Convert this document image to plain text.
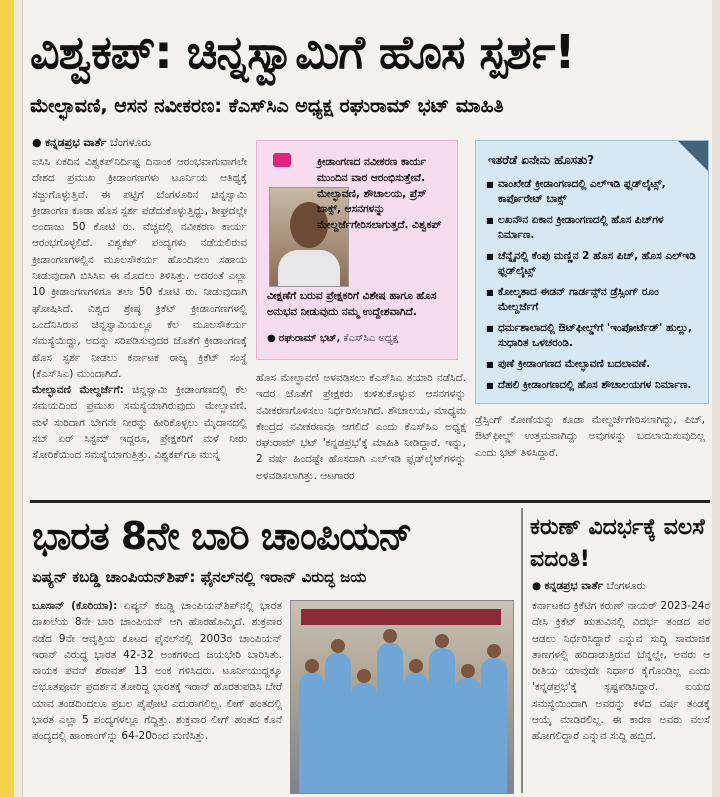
ವಿಶ್ವಕಪ್: ಚಿನ್ನಸ್ವಾಮಿಗೆ ಹೊಸ ಸ್ಪರ್ಶ!
ಮೇಲ್ಛಾವಣಿ, ಆಸನ ನವೀಕರಣ: ಕೆಎಸ್‌ಸಿಎ ಅಧ್ಯಕ್ಷ ರಘುರಾಮ್ ಭಟ್ ಮಾಹಿತಿ
● ಕನ್ನಡಪ್ರಭ ವಾರ್ತೆ ಬೆಂಗಳೂರು
ಐಸಿಸಿ ಏಕದಿನ ವಿಶ್ವಕಪ್‌ನಿರ್ದಿಷ್ಟ ದಿನಾಂಕ ಆರಂಭವಾಗುವಾಗಲೇ ದೇಶದ ಪ್ರಮುಖ ಕ್ರೀಡಾಂಗಣಗಳು ಟೂರ್ನಿಯ ಆತಿಥ್ಯಕ್ಕೆ ಸಜ್ಜುಗೊಳ್ಳುತ್ತಿವೆ. ಈ ಪಟ್ಟಿಗೆ ಬೆಂಗಳೂರಿನ ಚಿನ್ನಸ್ವಾಮಿ ಕ್ರೀಡಾಂಗಣ ಕೂಡಾ ಹೊಸ ಸ್ಪರ್ಶ ಪಡೆದುಕೊಳ್ಳುತ್ತಿದ್ದು, ಶೀಘ್ರದಲ್ಲೇ ಅಂದಾಜು 50 ಕೋಟಿ ರು. ವೆಚ್ಚದಲ್ಲಿ ನವೀಕರಣ ಕಾರ್ಯ ಆರಂಭಗೊಳ್ಳಲಿದೆ. ವಿಶ್ವಕಪ್ ಪಂದ್ಯಗಳು ನಡೆಯಲಿರುವ ಕ್ರೀಡಾಂಗಣಗಳಲ್ಲಿನ ಮೂಲಸೌಕರ್ಯ ಹೊಂದಿಸಲು ಸಹಾಯ ನೀಡುವುದಾಗಿ ಬಿಸಿಸಿಐ ಈ ಮೊದಲು ತಿಳಿಸಿತ್ತು. ಅದರಂತೆ ಎಲ್ಲಾ 10 ಕ್ರೀಡಾಂಗಣಗಳಿಗೂ ತಲಾ 50 ಕೋಟಿ ರು. ನೀಡುವುದಾಗಿ ಘೋಷಿಸಿದೆ. ವಿಶ್ವದ ಶ್ರೇಷ್ಠ ಕ್ರಿಕೆಟ್ ಕ್ರೀಡಾಂಗಣಗಳಲ್ಲಿ ಒಂದೆನಿಸಿರುವ ಚಿನ್ನಸ್ವಾಮಿಯಲ್ಲೂ ಕೆಲ ಮೂಲಸೌಕರ್ಯ ಸಮಸ್ಯೆಯಿದ್ದು, ಅದನ್ನು ಸರಿಪಡಿಸುವುದರ ಜೊತೆಗೆ ಕ್ರೀಡಾಂಗಣಕ್ಕೆ ಹೊಸ ಸ್ಪರ್ಶ ನೀಡಲು ಕರ್ನಾಟಕ ರಾಜ್ಯ ಕ್ರಿಕೆಟ್ ಸಂಸ್ಥೆ (ಕೆಎಸ್‌ಸಿಎ) ಮುಂದಾಗಿದೆ.
ಮೇಲ್ಛಾವಣಿ ಮೇಲ್ದರ್ಜೆಗೆ: ಚಿನ್ನಸ್ವಾಮಿ ಕ್ರೀಡಾಂಗಣದಲ್ಲಿ ಕೆಲ ಸಮಯದಿಂದ ಪ್ರಮುಖ ಸಮಸ್ಯೆಯಾಗಿರುವುದು ಮೇಲ್ಛಾವಣಿ. ಮಳೆ ಸುರಿದಾಗ ಬೇಗನೇ ನೀರನ್ನು ಹೀರಿಕೊಳ್ಳಲು ಮೈದಾನದಲ್ಲಿ ಸಬ್ ಏರ್ ಸಿಸ್ಟಮ್ ಇದ್ದರೂ, ಪ್ರೇಕ್ಷಕರಿಗೆ ಮಳೆ ನೀರು ಸೋರಿಕೆಯಿಂದ ಸಮಸ್ಯೆಯಾಗುತ್ತಿತ್ತು. ವಿಶ್ವಕಪ್‌ಗೂ ಮುನ್ನ
ಕ್ರೀಡಾಂಗಣದ ನವೀಕರಣ ಕಾರ್ಯ ಮುಂದಿನ ವಾರ ಆರಂಭಿಸುತ್ತೇವೆ. ಮೇಲ್ಛಾವಣಿ, ಶೌಚಾಲಯ, ಪ್ರೆಸ್ ಬಾಕ್ಸ್, ಆಸನಗಳನ್ನು ಮೇಲ್ದರ್ಜೆಗೇರಿಸಲಾಗುತ್ತದೆ. ವಿಶ್ವಕಪ್
ವೀಕ್ಷಣೆಗೆ ಬರುವ ಪ್ರೇಕ್ಷಕರಿಗೆ ವಿಶೇಷ ಹಾಗೂ ಹೊಸ ಅನುಭವ ನೀಡುವುದು ನಮ್ಮ ಉದ್ದೇಶವಾಗಿದೆ.
● ರಘುರಾಮ್ ಭಟ್, ಕೆಎಸ್‌ಸಿಎ ಅಧ್ಯಕ್ಷ
ಇತರೆಡೆ ಏನೇನು ಹೊಸತು?
■ ವಾಂಖೇಡೆ ಕ್ರೀಡಾಂಗಣದಲ್ಲಿ ಎಲ್‌ಇಡಿ ಫ್ಲಡ್‌ಲೈಟ್ಸ್, ಕಾರ್ಪೊರೇಟ್ ಬಾಕ್ಸ್
■ ಲಖನೌನ ಏಕಾನ ಕ್ರೀಡಾಂಗಣದಲ್ಲಿ ಹೊಸ ಪಿಚ್‌ಗಳ ನಿರ್ಮಾಣ.
■ ಚೆನ್ನೈನಲ್ಲಿ ಕೆಂಪು ಮಣ್ಣಿನ 2 ಹೊಸ ಪಿಚ್, ಹೊಸ ಎಲ್‌ಇಡಿ ಫ್ಲಡ್‌ಲೈಟ್ಸ್
■ ಕೋಲ್ಕತಾದ ಈಡನ್ ಗಾರ್ಡನ್ಸ್‌ನ ಡ್ರೆಸ್ಸಿಂಗ್ ರೂಂ ಮೇಲ್ದರ್ಜೆಗೆ
■ ಧರ್ಮಶಾಲಾದಲ್ಲಿ ಔಟ್‌ಫೀಲ್ಡ್‌ಗೆ 'ಇಂಪೋರ್ಟೆಡ್' ಹುಲ್ಲು, ಸುಧಾರಿತ ಒಳಚರಂಡಿ.
■ ಪುಣೆ ಕ್ರೀಡಾಂಗಣದ ಮೇಲ್ಛಾವಣಿ ಬದಲಾವಣೆ.
■ ದೆಹಲಿ ಕ್ರೀಡಾಂಗಣದಲ್ಲಿ ಹೊಸ ಶೌಚಾಲಯಗಳ ನಿರ್ಮಾಣ.
ಹೊಸ ಮೇಲ್ಛಾವಣಿ ಅಳವಡಿಸಲು ಕೆಎಸ್‌ಸಿಎ ತಯಾರಿ ನಡೆಸಿದೆ. ಇದರ ಜೊತೆಗೆ ಪ್ರೇಕ್ಷಕರು ಕುಳಿತುಕೊಳ್ಳುವ ಆಸನಗಳನ್ನು ನವೀಕರಣಗೊಳಿಸಲು ನಿರ್ಧರಿಸಲಾಗಿದೆ. ಶೌಚಾಲಯ, ಮಾಧ್ಯಮ ಕೇಂದ್ರದ ನವೀಕರಣವೂ ಆಗಲಿದೆ ಎಂದು ಕೆಎಸ್‌ಸಿಎ ಅಧ್ಯಕ್ಷ ರಘುರಾಮ್ ಭಟ್ 'ಕನ್ನಡಪ್ರಭ'ಕ್ಕೆ ಮಾಹಿತಿ ನೀಡಿದ್ದಾರೆ. ಇನ್ನು, 2 ವರ್ಷ ಹಿಂದಷ್ಟೇ ಹೊಸದಾಗಿ ಎಲ್‌ಇಡಿ ಫ್ಲಡ್‌ಲೈಟ್‌ಗಳನ್ನು ಅಳವಡಿಸಲಾಗಿತ್ತು. ಆಟಗಾರರ
ಡ್ರೆಸ್ಸಿಂಗ್ ಕೋಣೆಯನ್ನು ಕೂಡಾ ಮೇಲ್ದರ್ಜೆಗೇರಿಸಲಾಗಿದ್ದು, ಪಿಚ್, ಔಟ್‌ಫೀಲ್ಡ್ ಉತ್ತಮವಾಗಿದ್ದು ಅವುಗಳನ್ನು ಬದಲಾಯಿಸುವುದಿಲ್ಲ ಎಂದು ಭಟ್ ತಿಳಿಸಿದ್ದಾರೆ.
ಭಾರತ 8ನೇ ಬಾರಿ ಚಾಂಪಿಯನ್
ಏಷ್ಯನ್ ಕಬಡ್ಡಿ ಚಾಂಪಿಯನ್‌ಶಿಪ್: ಫೈನಲ್‌ನಲ್ಲಿ ಇರಾನ್ ವಿರುದ್ಧ ಜಯ
ಬೂಸಾನ್ (ಕೊರಿಯಾ): ಏಷ್ಯನ್ ಕಬಡ್ಡಿ ಚಾಂಪಿಯನ್‌ಶಿಪ್‌ನಲ್ಲಿ ಭಾರತ ದಾಖಲೆಯ 8ನೇ ಬಾರಿ ಚಾಂಪಿಯನ್ ಆಗಿ ಹೊರಹೊಮ್ಮಿದೆ. ಶುಕ್ರವಾರ ನಡೆದ 9ನೇ ಆವೃತ್ತಿಯ ಕೂಟದ ಫೈನಲ್‌ನಲ್ಲಿ 2003ರ ಚಾಂಪಿಯನ್ ಇರಾನ್ ವಿರುದ್ಧ ಭಾರತ 42-32 ಅಂಕಗಳಿಂದ ಜಯಭೇರಿ ಬಾರಿಸಿತು. ನಾಯಕ ಪವನ್ ಶೆರಾವತ್ 13 ಅಂಕ ಗಳಿಸಿದರು. ಟೂರ್ನಿಯುದ್ದಕ್ಕೂ ಅಭೂತಪೂರ್ವ ಪ್ರದರ್ಶನ ತೋರಿದ್ದ ಭಾರತಕ್ಕೆ ಇರಾನ್ ಹೊರತುಪಡಿಸಿ ಬೇರೆ ಯಾವ ತಂಡದಿಂದಲೂ ಪ್ರಬಲ ಪೈಪೋಟಿ ಎದುರಾಗಲಿಲ್ಲ. ಲೀಗ್ ಹಂತದಲ್ಲಿ ಭಾರತ ಎಲ್ಲಾ 5 ಪಂದ್ಯಗಳಲ್ಲೂ ಗೆದ್ದಿತ್ತು. ಶುಕ್ರವಾರ ಲೀಗ್ ಹಂತದ ಕೊನೆ ಪಂದ್ಯದಲ್ಲಿ ಹಾಂಕಾಂಗ್‌ನ್ನು 64-20ರಿಂದ ಮಣಿಸಿತ್ತು.
ಕರುಣ್ ವಿದರ್ಭಕ್ಕೆ ವಲಸೆ ವದಂತಿ!
● ಕನ್ನಡಪ್ರಭ ವಾರ್ತೆ ಬೆಂಗಳೂರು
ಕರ್ನಾಟಕದ ಕ್ರಿಕೆಟಿಗ ಕರುಣ್ ನಾಯರ್ 2023-24ರ ದೇಸಿ ಕ್ರಿಕೆಟ್ ಋತುವಿನಲ್ಲಿ ವಿದರ್ಭ ತಂಡದ ಪರ ಆಡಲು ನಿರ್ಧರಿಸಿದ್ದಾರೆ ಎನ್ನುವ ಸುದ್ದಿ ಸಾಮಾಜಿಕ ತಾಣಗಳಲ್ಲಿ ಹರಿದಾಡುತ್ತಿರುವ ಬೆನ್ನಲ್ಲೇ, ಅವರು ಆ ರೀತಿಯ ಯಾವುದೇ ನಿರ್ಧಾರ ಕೈಗೊಂಡಿಲ್ಲ ಎಂದು 'ಕನ್ನಡಪ್ರಭ'ಕ್ಕೆ ಸ್ಪಷ್ಟಪಡಿಸಿದ್ದಾರೆ. ಐಯದ ಸಮಸ್ಯೆಯಿಂದಾಗಿ ಅವರನ್ನು ಕಳೆದ ವರ್ಷ ತಂಡಕ್ಕೆ ಆಯ್ಕೆ ಮಾಡಿರಲಿಲ್ಲ. ಈ ಕಾರಣ ಅವರು ವಲಸೆ ಹೋಗಲಿದ್ದಾರೆ ಎನ್ನುವ ಸುದ್ದಿ ಹಬ್ಬಿದೆ.
